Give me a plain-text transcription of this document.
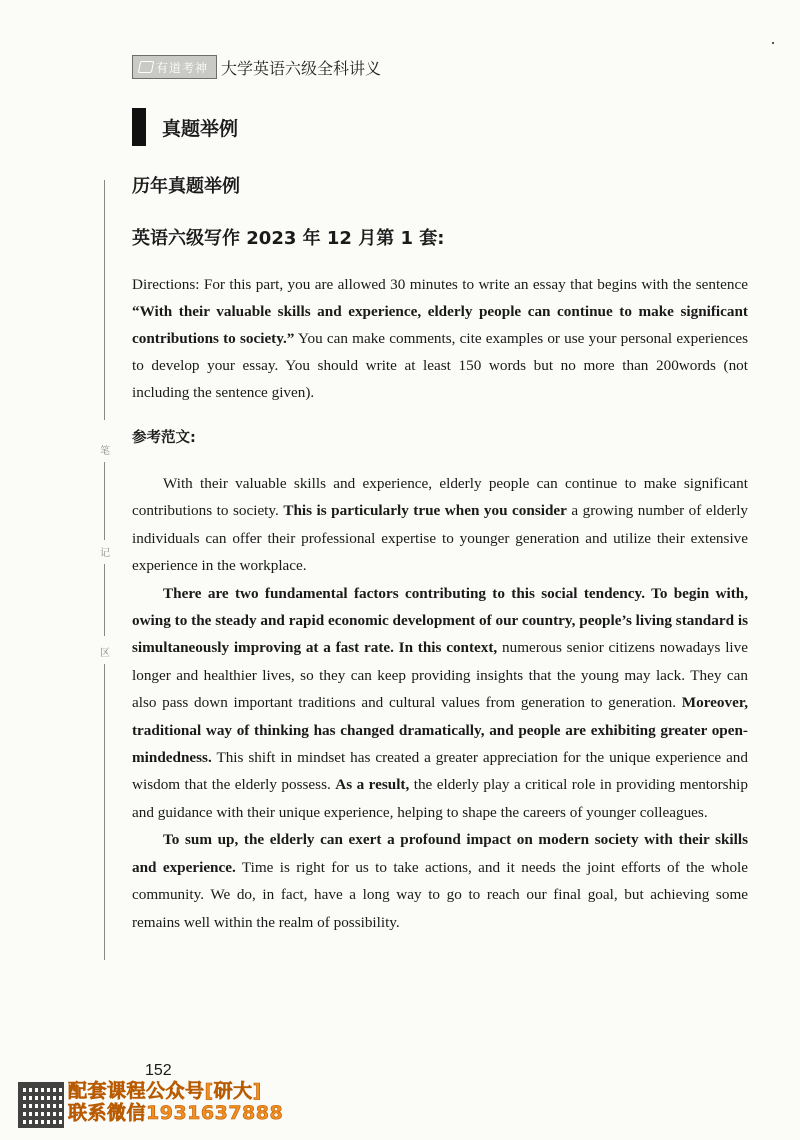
有道考神 大学英语六级全科讲义
真题举例
笔
记
区
历年真题举例
英语六级写作 2023 年 12 月第 1 套:
Directions: For this part, you are allowed 30 minutes to write an essay that begins with the sentence “With their valuable skills and experience, elderly people can continue to make significant contributions to society.” You can make comments, cite examples or use your personal experiences to develop your essay. You should write at least 150 words but no more than 200words (not including the sentence given).
参考范文:

With their valuable skills and experience, elderly people can continue to make significant contributions to society. This is particularly true when you consider a growing number of elderly individuals can offer their professional expertise to younger generation and utilize their extensive experience in the workplace.

There are two fundamental factors contributing to this social tendency. To begin with, owing to the steady and rapid economic development of our country, people’s living standard is simultaneously improving at a fast rate. In this context, numerous senior citizens nowadays live longer and healthier lives, so they can keep providing insights that the young may lack. They can also pass down important traditions and cultural values from generation to generation. Moreover, traditional way of thinking has changed dramatically, and people are exhibiting greater open-mindedness. This shift in mindset has created a greater appreciation for the unique experience and wisdom that the elderly possess. As a result, the elderly play a critical role in providing mentorship and guidance with their unique experience, helping to shape the careers of younger colleagues.

To sum up, the elderly can exert a profound impact on modern society with their skills and experience. Time is right for us to take actions, and it needs the joint efforts of the whole community. We do, in fact, have a long way to go to reach our final goal, but achieving some remains well within the realm of possibility.

152
配套课程公众号[研大]
联系微信1931637888
